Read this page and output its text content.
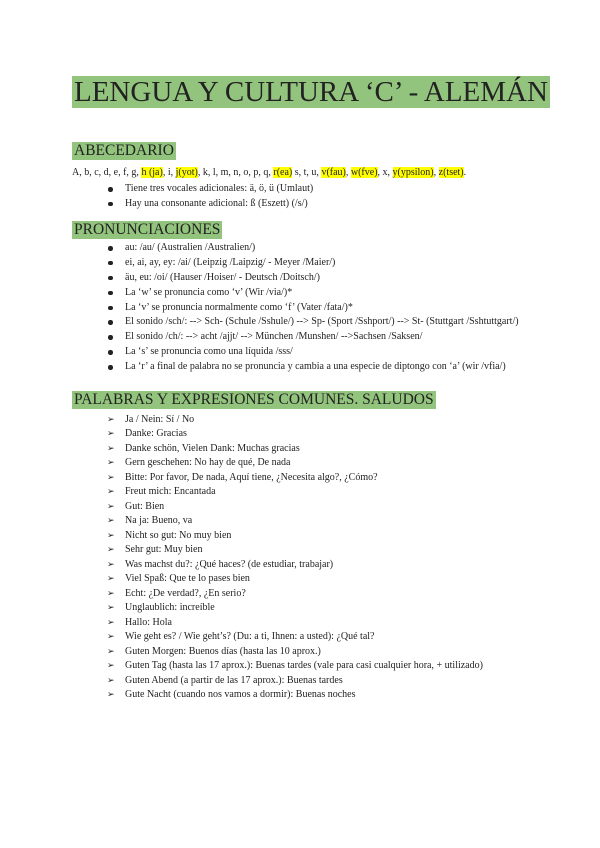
LENGUA Y CULTURA ‘C’ - ALEMÁN
ABECEDARIO
A, b, c, d, e, f, g, h (ja), i, j(yot), k, l, m, n, o, p, q, r(ea) s, t, u, v(fau), w(fve), x, y(ypsilon), z(tset).
Tiene tres vocales adicionales: ä, ö, ü (Umlaut)
Hay una consonante adicional: ß (Eszett) (/s/)
PRONUNCIACIONES
au: /au/ (Australien /Australien/)
ei, ai, ay, ey: /ai/ (Leipzig /Laipzig/ - Meyer /Maier/)
äu, eu: /oi/ (Hauser /Hoiser/ - Deutsch /Doitsch/)
La ‘w’ se pronuncia como ‘v’ (Wir /via/)*
La ‘v’ se pronuncia normalmente como ‘f’ (Vater /fata/)*
El sonido /sch/: --> Sch- (Schule /Sshule/) --> Sp- (Sport /Sshport/) --> St- (Stuttgart /Sshtuttgart/)
El sonido /ch/: --> acht /ajjt/ --> München /Munshen/ -->Sachsen /Saksen/
La ‘s’ se pronuncia como una líquida /sss/
La ‘r’ a final de palabra no se pronuncia y cambia a una especie de diptongo con ‘a’ (wir /vfia/)
PALABRAS Y EXPRESIONES COMUNES. SALUDOS
➢ Ja / Nein: Sí / No
➢ Danke: Gracias
➢ Danke schön, Vielen Dank: Muchas gracias
➢ Gern geschehen: No hay de qué, De nada
➢ Bitte: Por favor, De nada, Aquí tiene, ¿Necesita algo?, ¿Cómo?
➢ Freut mich: Encantada
➢ Gut: Bien
➢ Na ja: Bueno, va
➢ Nicht so gut: No muy bien
➢ Sehr gut: Muy bien
➢ Was machst du?: ¿Qué haces? (de estudiar, trabajar)
➢ Viel Spaß: Que te lo pases bien
➢ Echt: ¿De verdad?, ¿En serio?
➢ Unglaublich: increíble
➢ Hallo: Hola
➢ Wie geht es? / Wie geht’s? (Du: a ti, Ihnen: a usted): ¿Qué tal?
➢ Guten Morgen: Buenos días (hasta las 10 aprox.)
➢ Guten Tag (hasta las 17 aprox.): Buenas tardes (vale para casi cualquier hora, + utilizado)
➢ Guten Abend (a partir de las 17 aprox.): Buenas tardes
➢ Gute Nacht (cuando nos vamos a dormir): Buenas noches
